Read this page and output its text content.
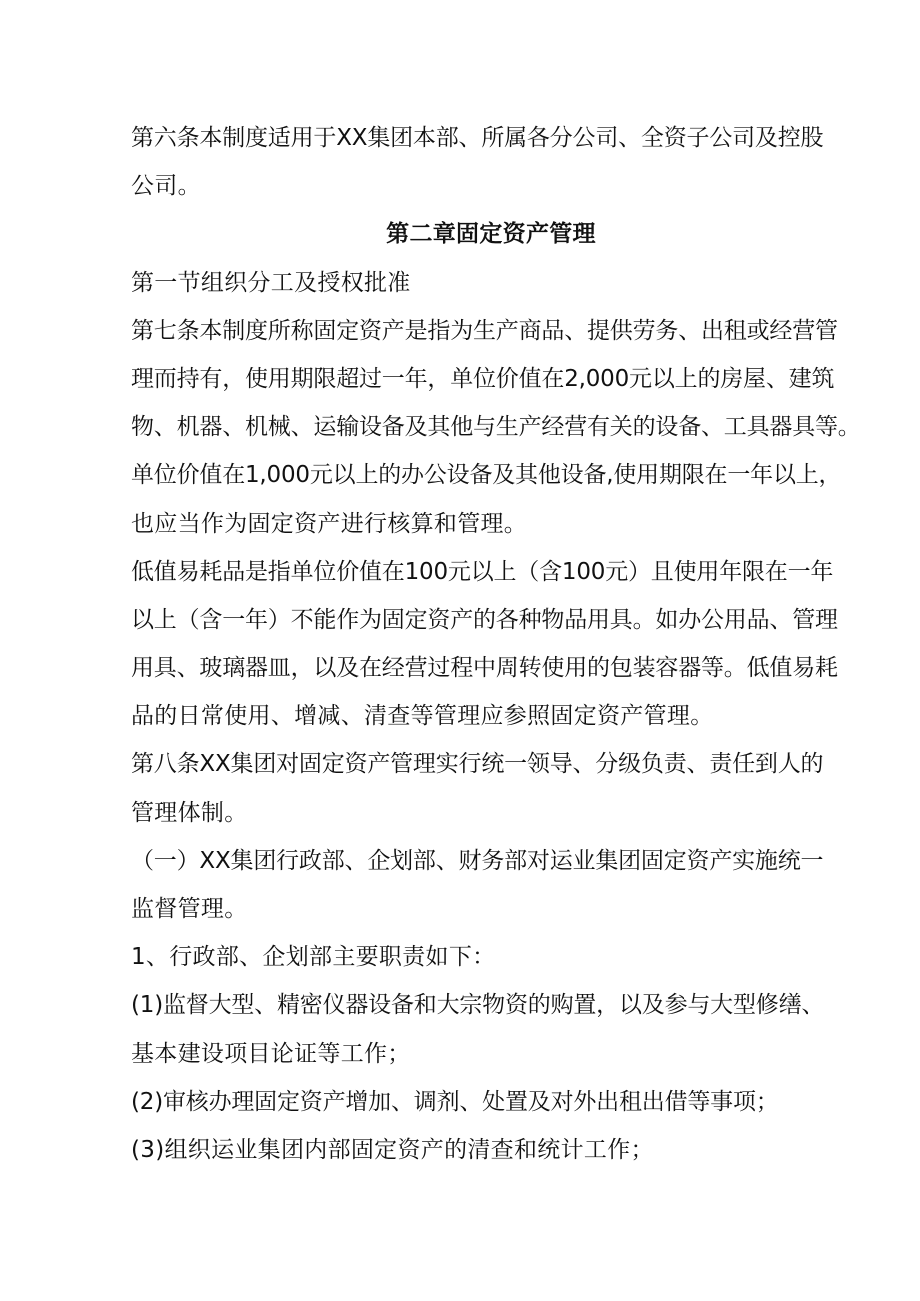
第六条本制度适用于XX集团本部、所属各分公司、全资子公司及控股
公司。
第二章固定资产管理
第一节组织分工及授权批准
第七条本制度所称固定资产是指为生产商品、提供劳务、出租或经营管
理而持有，使用期限超过一年，单位价值在2,000元以上的房屋、建筑
物、机器、机械、运输设备及其他与生产经营有关的设备、工具器具等。
单位价值在1,000元以上的办公设备及其他设备,使用期限在一年以上，
也应当作为固定资产进行核算和管理。
低值易耗品是指单位价值在100元以上（含100元）且使用年限在一年
以上（含一年）不能作为固定资产的各种物品用具。如办公用品、管理
用具、玻璃器皿，以及在经营过程中周转使用的包装容器等。低值易耗
品的日常使用、增减、清查等管理应参照固定资产管理。
第八条XX集团对固定资产管理实行统一领导、分级负责、责任到人的
管理体制。
（一）XX集团行政部、企划部、财务部对运业集团固定资产实施统一
监督管理。
1、行政部、企划部主要职责如下：
(1)监督大型、精密仪器设备和大宗物资的购置，以及参与大型修缮、
基本建设项目论证等工作；
(2)审核办理固定资产增加、调剂、处置及对外出租出借等事项；
(3)组织运业集团内部固定资产的清查和统计工作；
